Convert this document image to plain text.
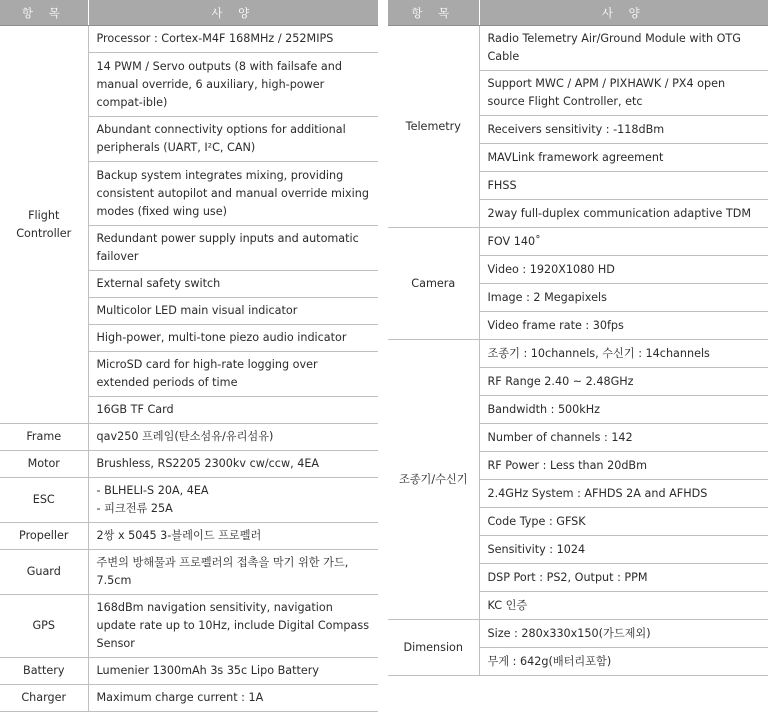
항 목	사 양
Flight
Controller	Processor : Cortex-M4F 168MHz / 252MIPS
	14 PWM / Servo outputs (8 with failsafe and manual override, 6 auxiliary, high-power compat-ible)
	Abundant connectivity options for additional peripherals (UART, I²C, CAN)
	Backup system integrates mixing, providing consistent autopilot and manual override mixing modes (fixed wing use)
	Redundant power supply inputs and automatic failover
	External safety switch
	Multicolor LED main visual indicator
	High-power, multi-tone piezo audio indicator
	MicroSD card for high-rate logging over extended periods of time
	16GB TF Card
Frame	qav250 프레임(탄소섬유/유리섬유)
Motor	Brushless, RS2205 2300kv cw/ccw, 4EA
ESC	- BLHELI-S 20A, 4EA
- 피크전류 25A
Propeller	2쌍 x 5045 3-블레이드 프로펠러
Guard	주변의 방해물과 프로펠러의 접촉을 막기 위한 가드, 7.5cm
GPS	168dBm navigation sensitivity, navigation update rate up to 10Hz, include Digital Compass Sensor
Battery	Lumenier 1300mAh 3s 35c Lipo Battery
Charger	Maximum charge current : 1A
항 목	사 양
Telemetry	Radio Telemetry Air/Ground Module with OTG Cable
	Support MWC / APM / PIXHAWK / PX4 open source Flight Controller, etc
	Receivers sensitivity : -118dBm
	MAVLink framework agreement
	FHSS
	2way full-duplex communication adaptive TDM
Camera	FOV 140˚
	Video : 1920X1080 HD
	Image : 2 Megapixels
	Video frame rate : 30fps
조종기/수신기	조종기 : 10channels, 수신기 : 14channels
	RF Range 2.40 ~ 2.48GHz
	Bandwidth : 500kHz
	Number of channels : 142
	RF Power : Less than 20dBm
	2.4GHz System : AFHDS 2A and AFHDS
	Code Type : GFSK
	Sensitivity : 1024
	DSP Port : PS2, Output : PPM
	KC 인증
Dimension	Size : 280x330x150(가드제외)
	무게 : 642g(배터리포함)
